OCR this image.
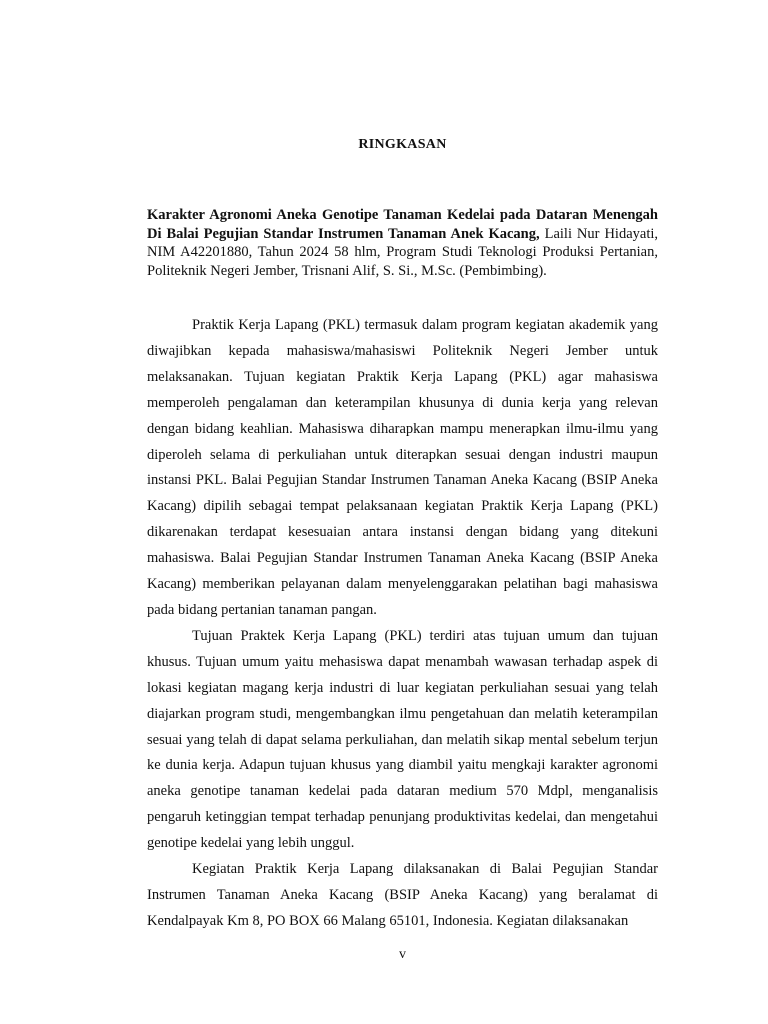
RINGKASAN
Karakter Agronomi Aneka Genotipe Tanaman Kedelai pada Dataran Menengah Di Balai Pegujian Standar Instrumen Tanaman Anek Kacang, Laili Nur Hidayati, NIM A42201880, Tahun 2024 58 hlm, Program Studi Teknologi Produksi Pertanian, Politeknik Negeri Jember, Trisnani Alif, S. Si., M.Sc. (Pembimbing).

Praktik Kerja Lapang (PKL) termasuk dalam program kegiatan akademik yang diwajibkan kepada mahasiswa/mahasiswi Politeknik Negeri Jember untuk melaksanakan. Tujuan kegiatan Praktik Kerja Lapang (PKL) agar mahasiswa memperoleh pengalaman dan keterampilan khusunya di dunia kerja yang relevan dengan bidang keahlian. Mahasiswa diharapkan mampu menerapkan ilmu-ilmu yang diperoleh selama di perkuliahan untuk diterapkan sesuai dengan industri maupun instansi PKL. Balai Pegujian Standar Instrumen Tanaman Aneka Kacang (BSIP Aneka Kacang) dipilih sebagai tempat pelaksanaan kegiatan Praktik Kerja Lapang (PKL) dikarenakan terdapat kesesuaian antara instansi dengan bidang yang ditekuni mahasiswa. Balai Pegujian Standar Instrumen Tanaman Aneka Kacang (BSIP Aneka Kacang) memberikan pelayanan dalam menyelenggarakan pelatihan bagi mahasiswa pada bidang pertanian tanaman pangan.

Tujuan Praktek Kerja Lapang (PKL) terdiri atas tujuan umum dan tujuan khusus. Tujuan umum yaitu mehasiswa dapat menambah wawasan terhadap aspek di lokasi kegiatan magang kerja industri di luar kegiatan perkuliahan sesuai yang telah diajarkan program studi, mengembangkan ilmu pengetahuan dan melatih keterampilan sesuai yang telah di dapat selama perkuliahan, dan melatih sikap mental sebelum terjun ke dunia kerja. Adapun tujuan khusus yang diambil yaitu mengkaji karakter agronomi aneka genotipe tanaman kedelai pada dataran medium 570 Mdpl, menganalisis pengaruh ketinggian tempat terhadap penunjang produktivitas kedelai, dan mengetahui genotipe kedelai yang lebih unggul.

Kegiatan Praktik Kerja Lapang dilaksanakan di Balai Pegujian Standar Instrumen Tanaman Aneka Kacang (BSIP Aneka Kacang) yang beralamat di Kendalpayak Km 8, PO BOX 66 Malang 65101, Indonesia. Kegiatan dilaksanakan

v
